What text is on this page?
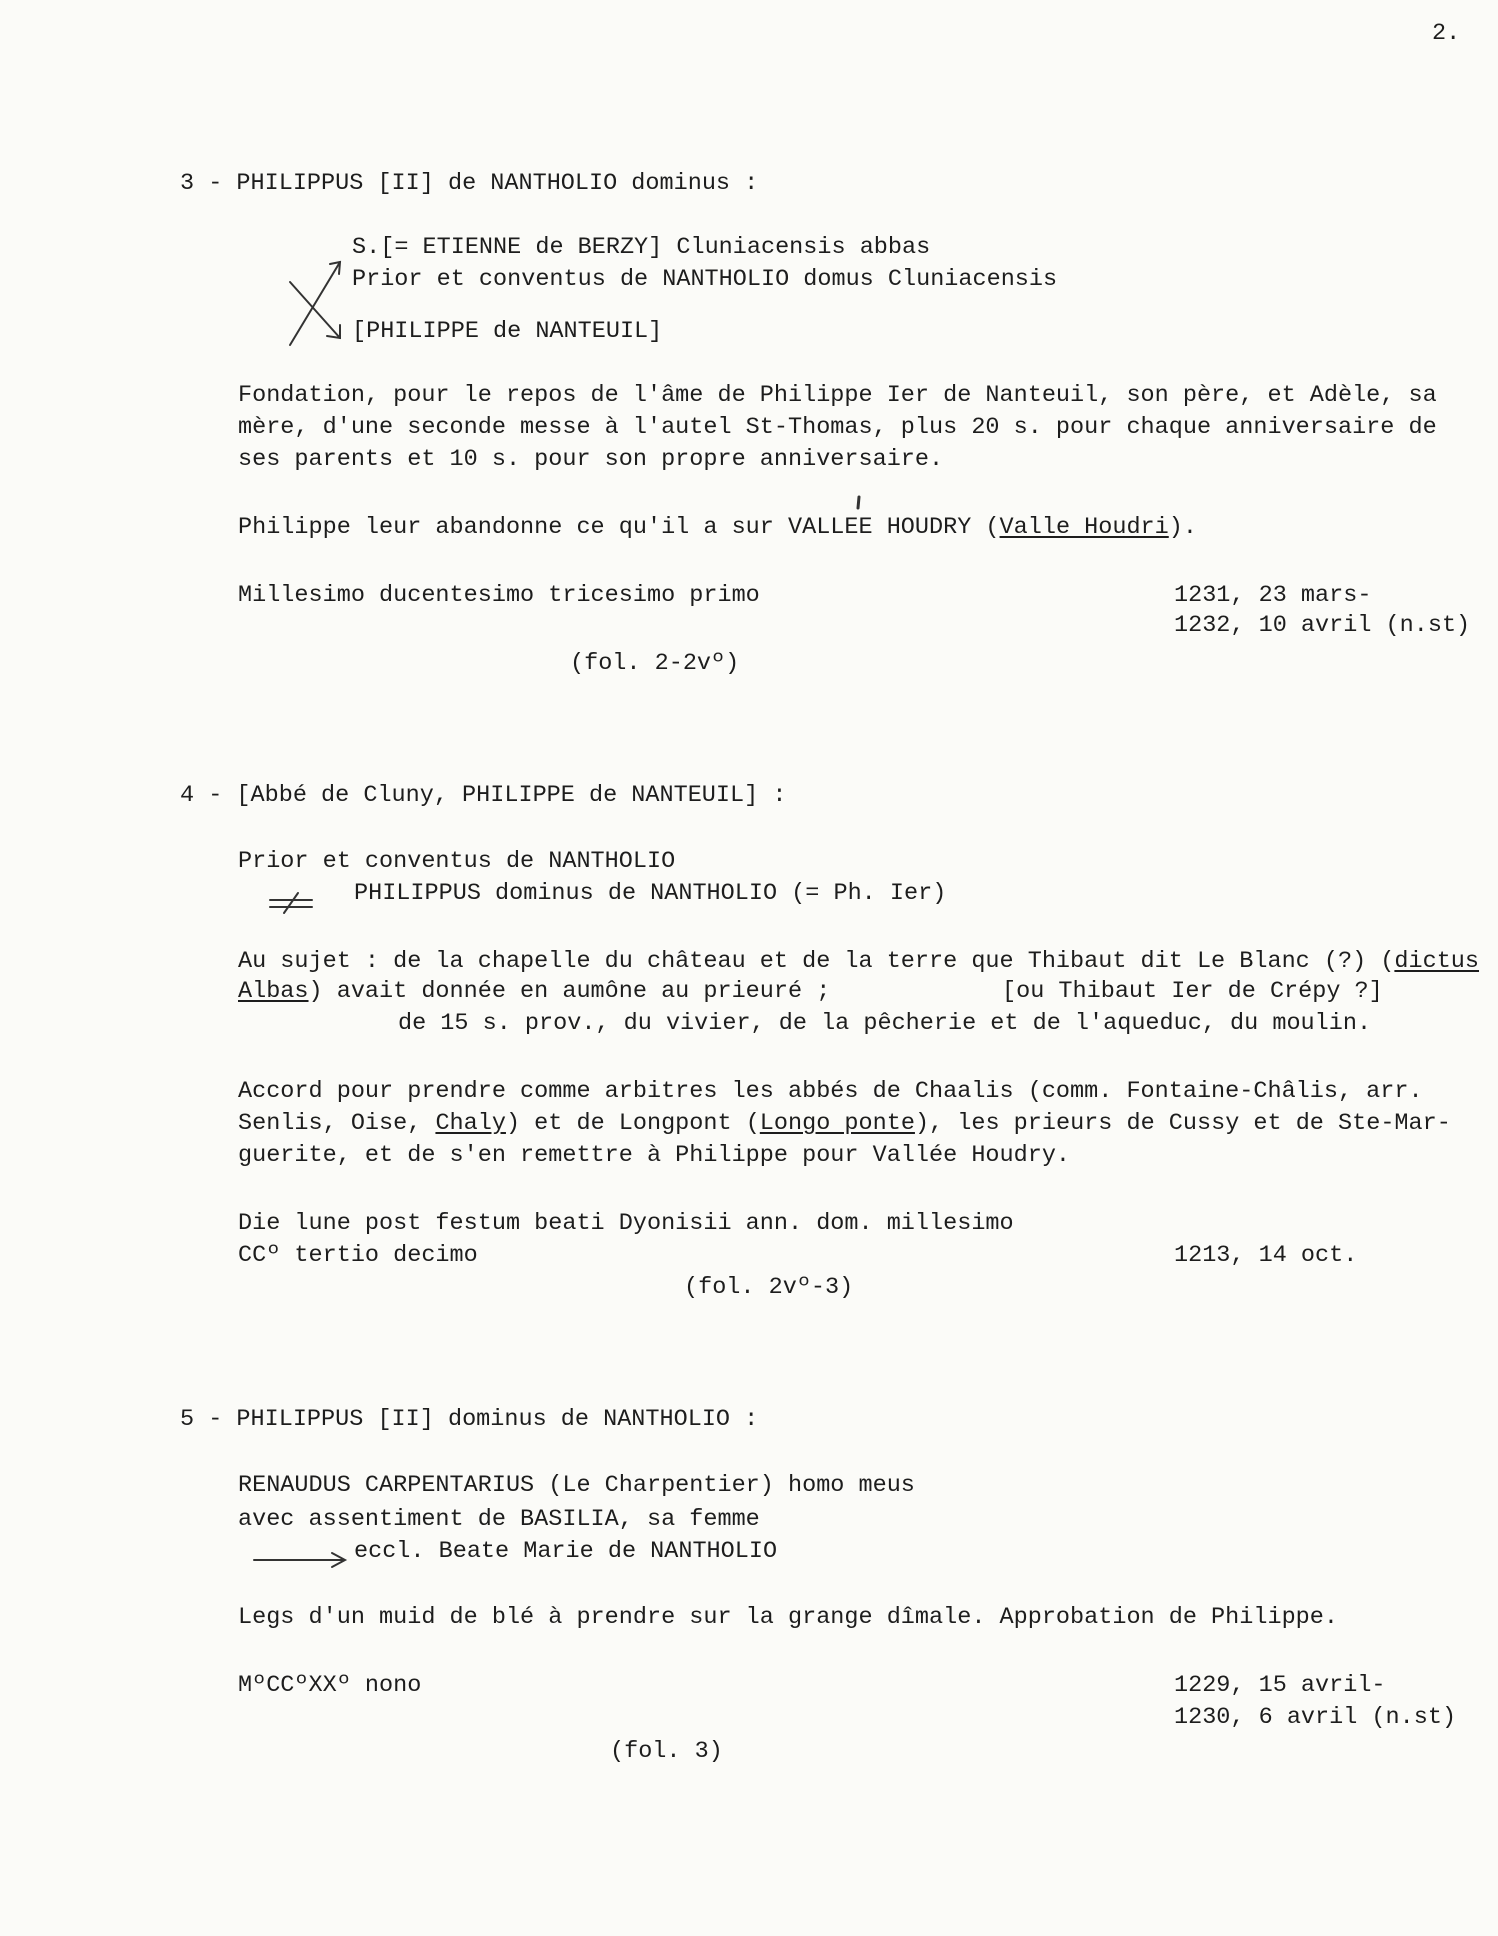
2.
3 - PHILIPPUS [II] de NANTHOLIO dominus :
S.[= ETIENNE de BERZY] Cluniacensis abbas
Prior et conventus de NANTHOLIO domus Cluniacensis
[PHILIPPE de NANTEUIL]
Fondation, pour le repos de l'âme de Philippe Ier de Nanteuil, son père, et Adèle, sa
mère, d'une seconde messe à l'autel St-Thomas, plus 20 s. pour chaque anniversaire de
ses parents et 10 s. pour son propre anniversaire.
Philippe leur abandonne ce qu'il a sur VALLEE HOUDRY (Valle Houdri).
Millesimo ducentesimo tricesimo primo	1231, 23 mars-
1232, 10 avril (n.st)
(fol. 2-2vº)
4 - [Abbé de Cluny, PHILIPPE de NANTEUIL] :
Prior et conventus de NANTHOLIO
PHILIPPUS dominus de NANTHOLIO (= Ph. Ier)
Au sujet : de la chapelle du château et de la terre que Thibaut dit Le Blanc (?) (dictus
Albas) avait donnée en aumône au prieuré ;	[ou Thibaut Ier de Crépy ?]
de 15 s. prov., du vivier, de la pêcherie et de l'aqueduc, du moulin.
Accord pour prendre comme arbitres les abbés de Chaalis (comm. Fontaine-Châlis, arr.
Senlis, Oise, Chaly) et de Longpont (Longo ponte), les prieurs de Cussy et de Ste-Mar-
guerite, et de s'en remettre à Philippe pour Vallée Houdry.
Die lune post festum beati Dyonisii ann. dom. millesimo
CCº tertio decimo	1213, 14 oct.
(fol. 2vº-3)
5 - PHILIPPUS [II] dominus de NANTHOLIO :
RENAUDUS CARPENTARIUS (Le Charpentier) homo meus
avec assentiment de BASILIA, sa femme
eccl. Beate Marie de NANTHOLIO
Legs d'un muid de blé à prendre sur la grange dîmale. Approbation de Philippe.
MºCCºXXº nono	1229, 15 avril-
1230, 6 avril (n.st)
(fol. 3)
